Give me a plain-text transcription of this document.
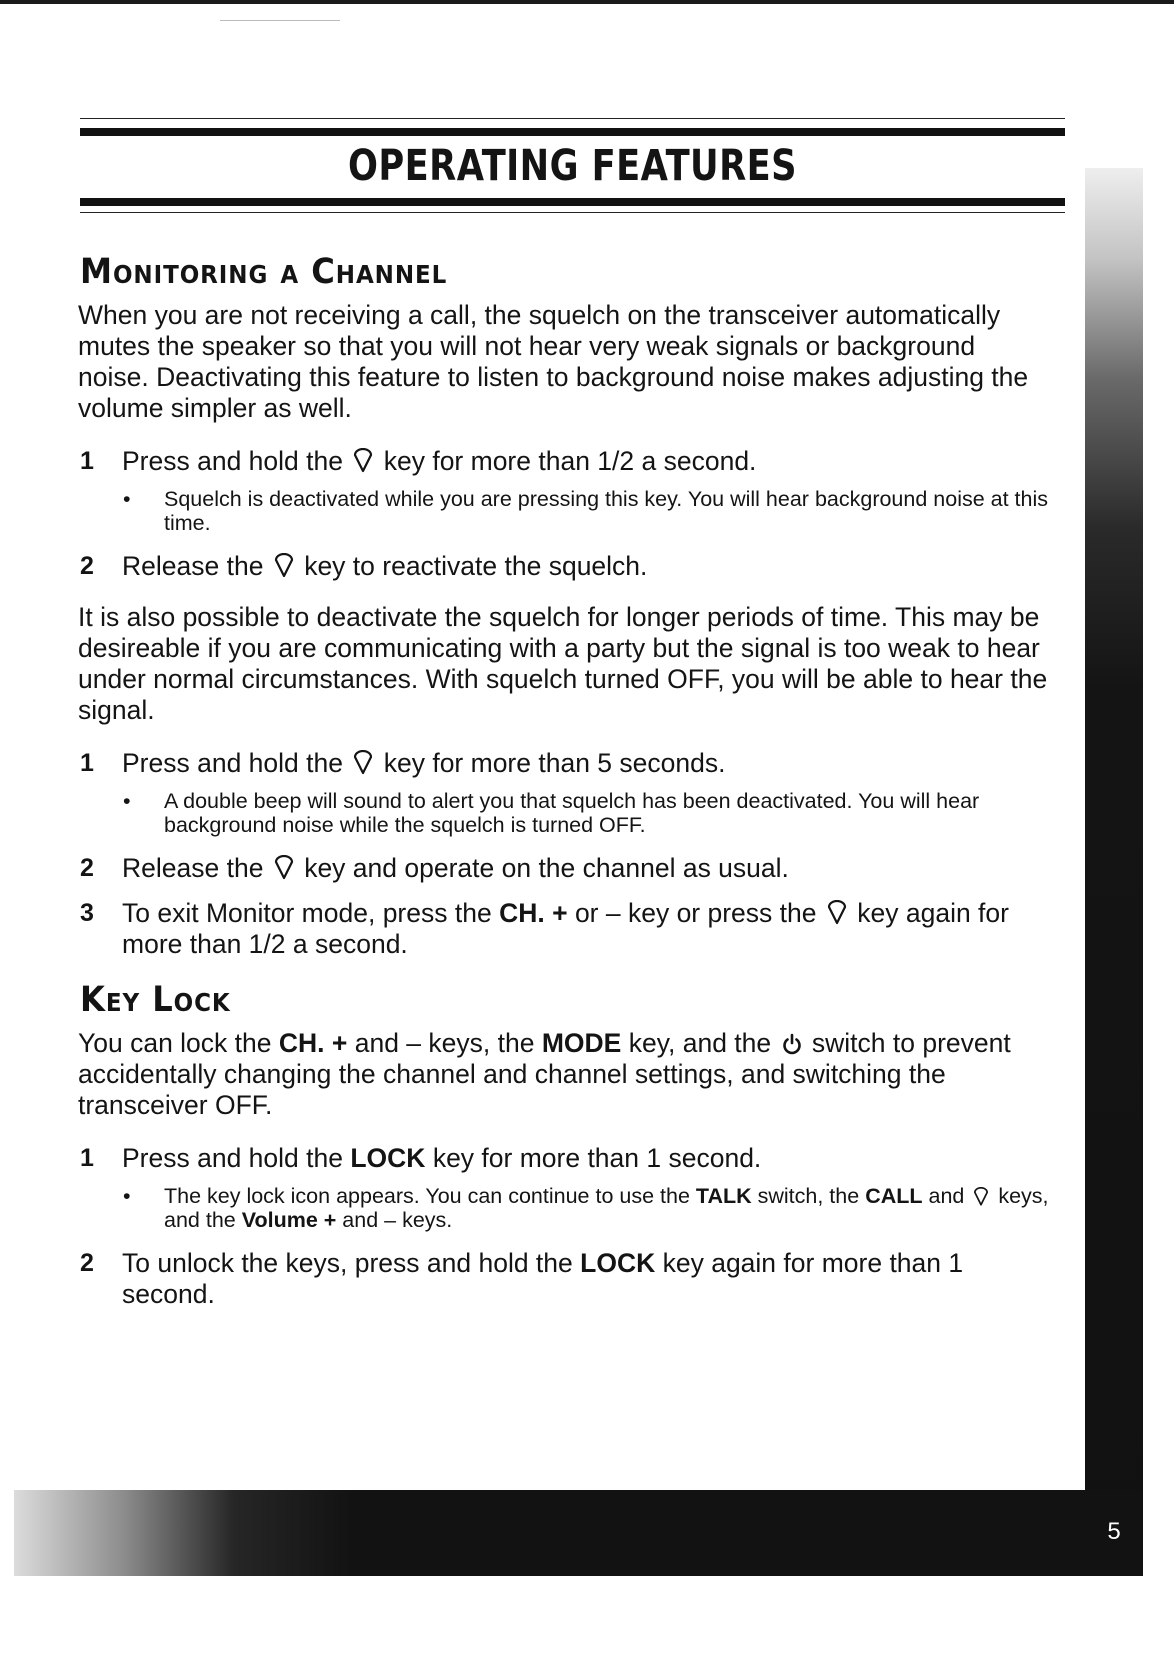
OPERATING FEATURES
5
Monitoring a Channel

When you are not receiving a call, the squelch on the transceiver automatically mutes the speaker so that you will not hear very weak signals or background noise. Deactivating this feature to listen to background noise makes adjusting the volume simpler as well.

1 Press and hold the key for more than 1/2 a second.
• Squelch is deactivated while you are pressing this key. You will hear background noise at this time.
2 Release the key to reactivate the squelch.

It is also possible to deactivate the squelch for longer periods of time. This may be desireable if you are communicating with a party but the signal is too weak to hear under normal circumstances. With squelch turned OFF, you will be able to hear the signal.

1 Press and hold the key for more than 5 seconds.
• A double beep will sound to alert you that squelch has been deactivated. You will hear background noise while the squelch is turned OFF.
2 Release the key and operate on the channel as usual.
3 To exit Monitor mode, press the CH. + or – key or press the key again for more than 1/2 a second.
Key Lock

You can lock the CH. + and – keys, the MODE key, and the switch to prevent accidentally changing the channel and channel settings, and switching the transceiver OFF.

1 Press and hold the LOCK key for more than 1 second.
• The key lock icon appears. You can continue to use the TALK switch, the CALL and keys, and the Volume + and – keys.
2 To unlock the keys, press and hold the LOCK key again for more than 1 second.
